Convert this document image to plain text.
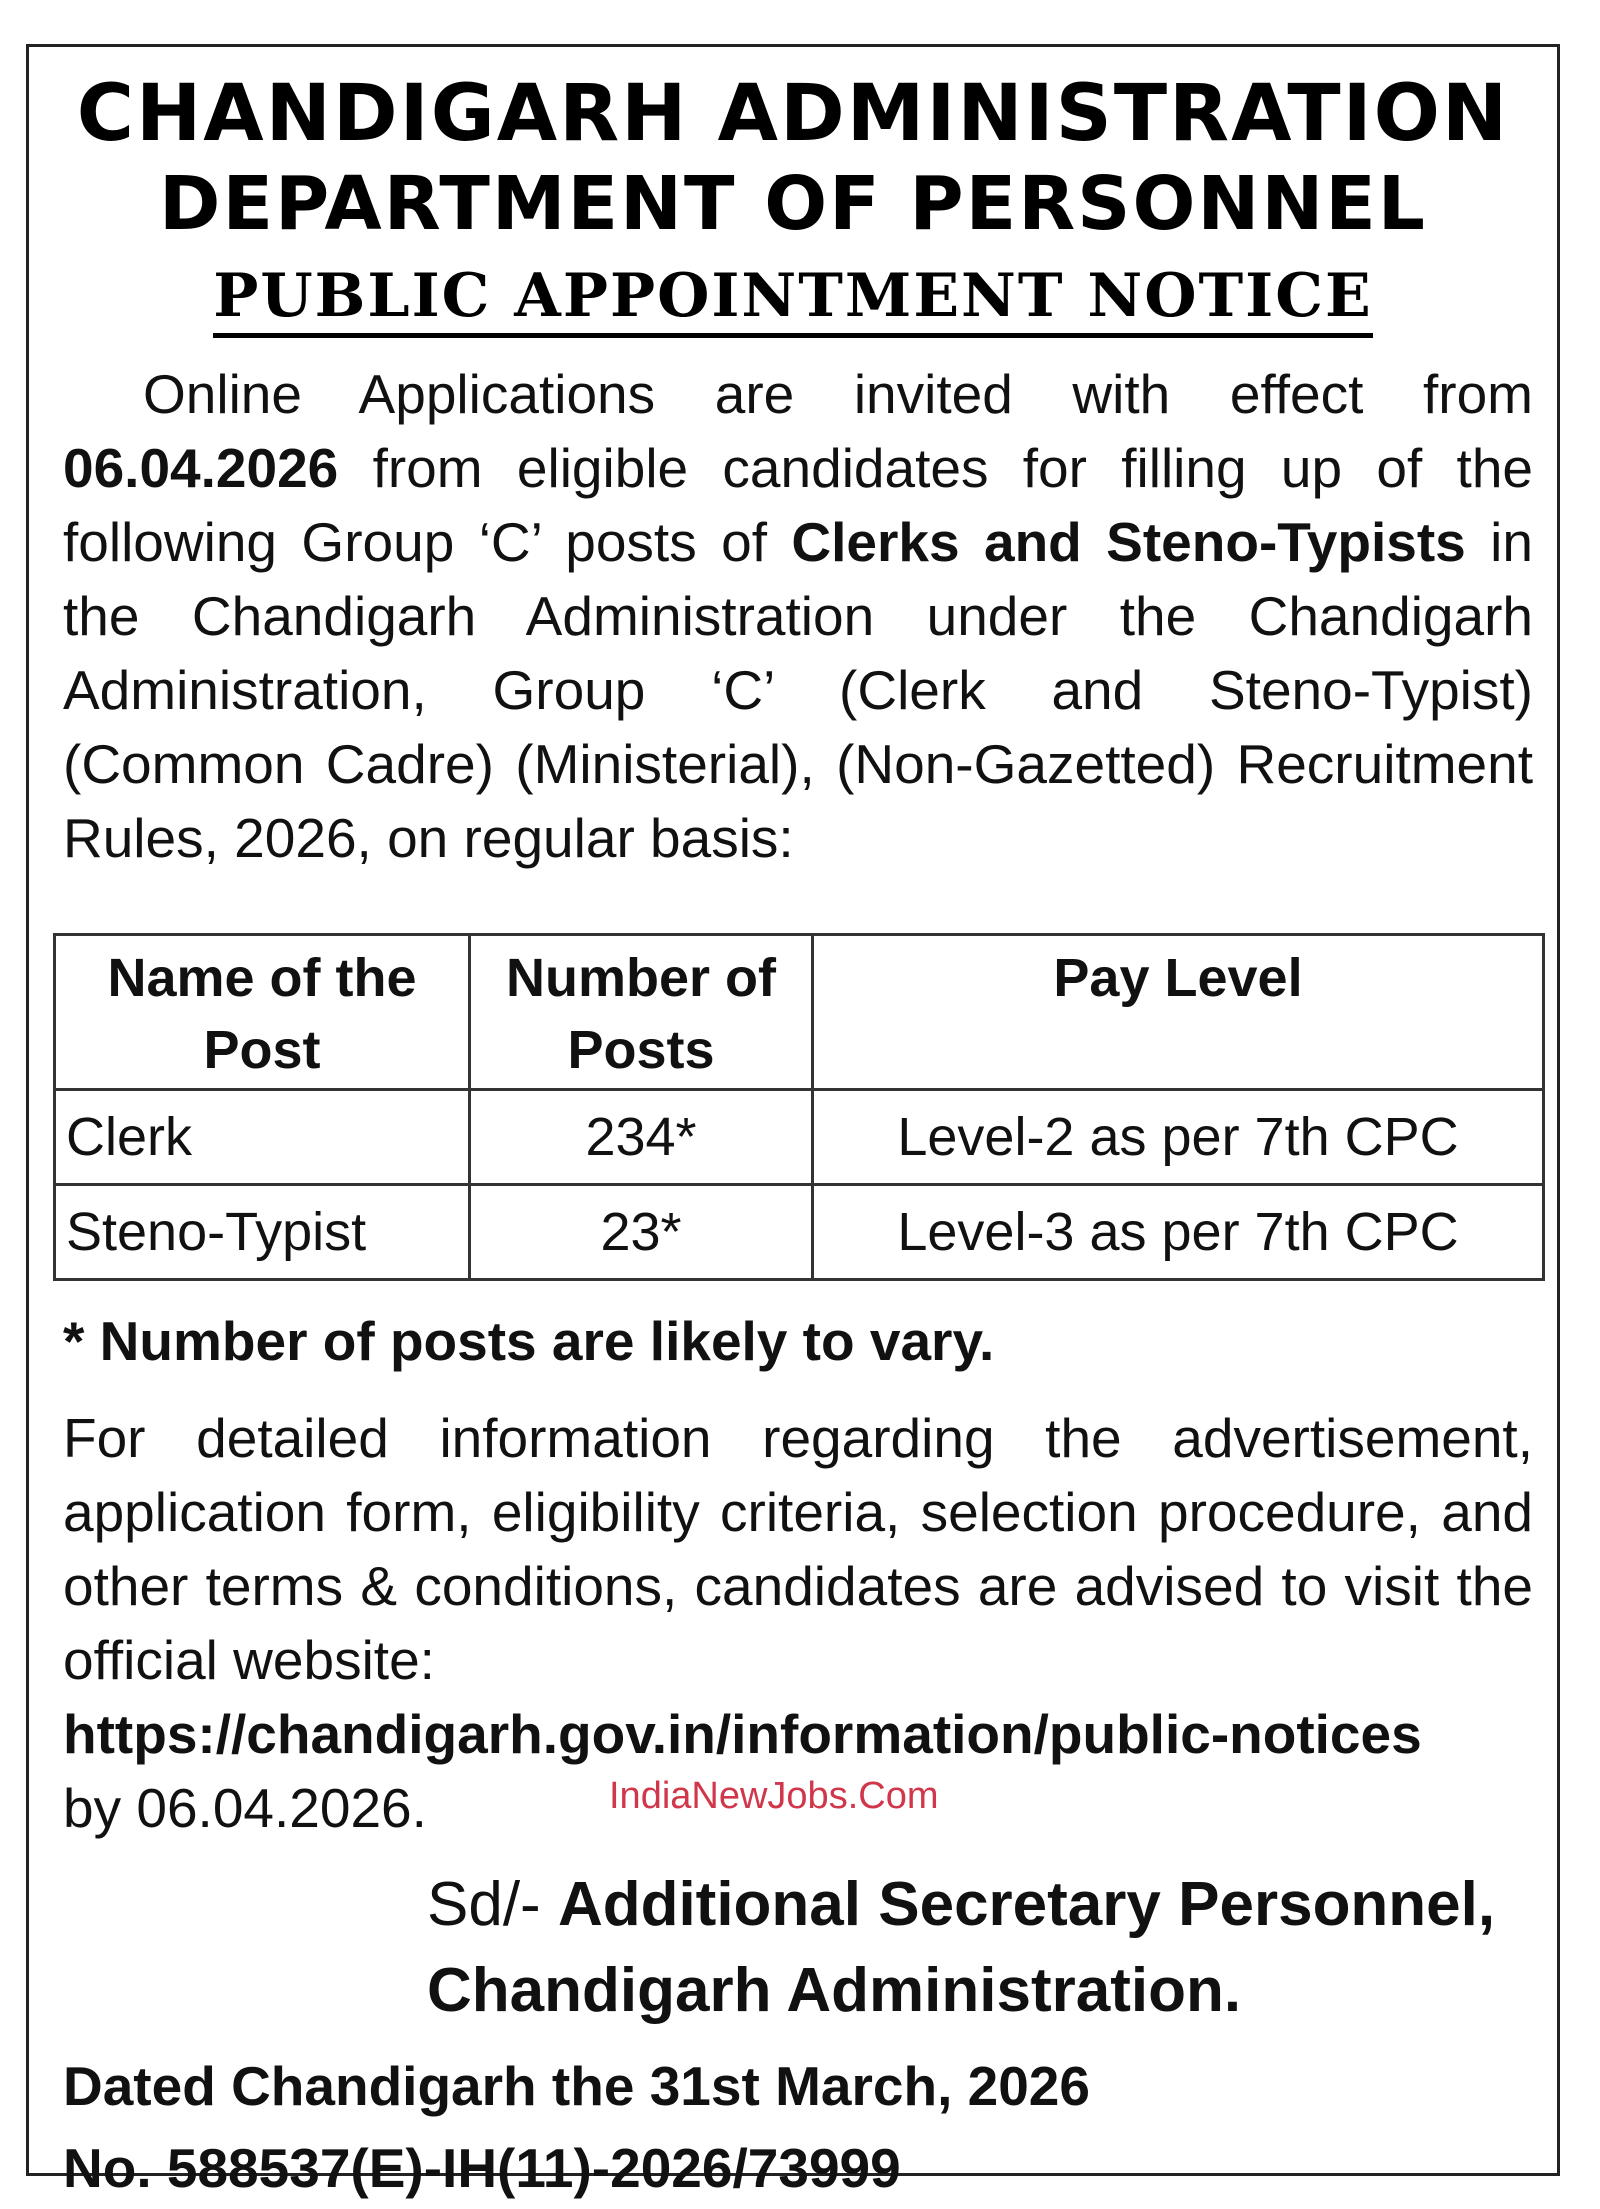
CHANDIGARH ADMINISTRATION
DEPARTMENT OF PERSONNEL
PUBLIC APPOINTMENT NOTICE
Online Applications are invited with effect from 06.04.2026 from eligible candidates for filling up of the following Group ‘C’ posts of Clerks and Steno-Typists in the Chandigarh Administration under the Chandigarh Administration, Group ‘C’ (Clerk and Steno-Typist) (Common Cadre) (Ministerial), (Non-Gazetted) Recruitment Rules, 2026, on regular basis:
Name of the Post	Number of Posts	Pay Level
Clerk	234*	Level-2 as per 7th CPC
Steno-Typist	23*	Level-3 as per 7th CPC
* Number of posts are likely to vary.
For detailed information regarding the advertisement, application form, eligibility criteria, selection procedure, and other terms & conditions, candidates are advised to visit the official website:
https://chandigarh.gov.in/information/public-notices
by 06.04.2026.	IndiaNewJobs.Com
Sd/- Additional Secretary Personnel,
Chandigarh Administration.
Dated Chandigarh the 31st March, 2026
No. 588537(E)-IH(11)-2026/73999
